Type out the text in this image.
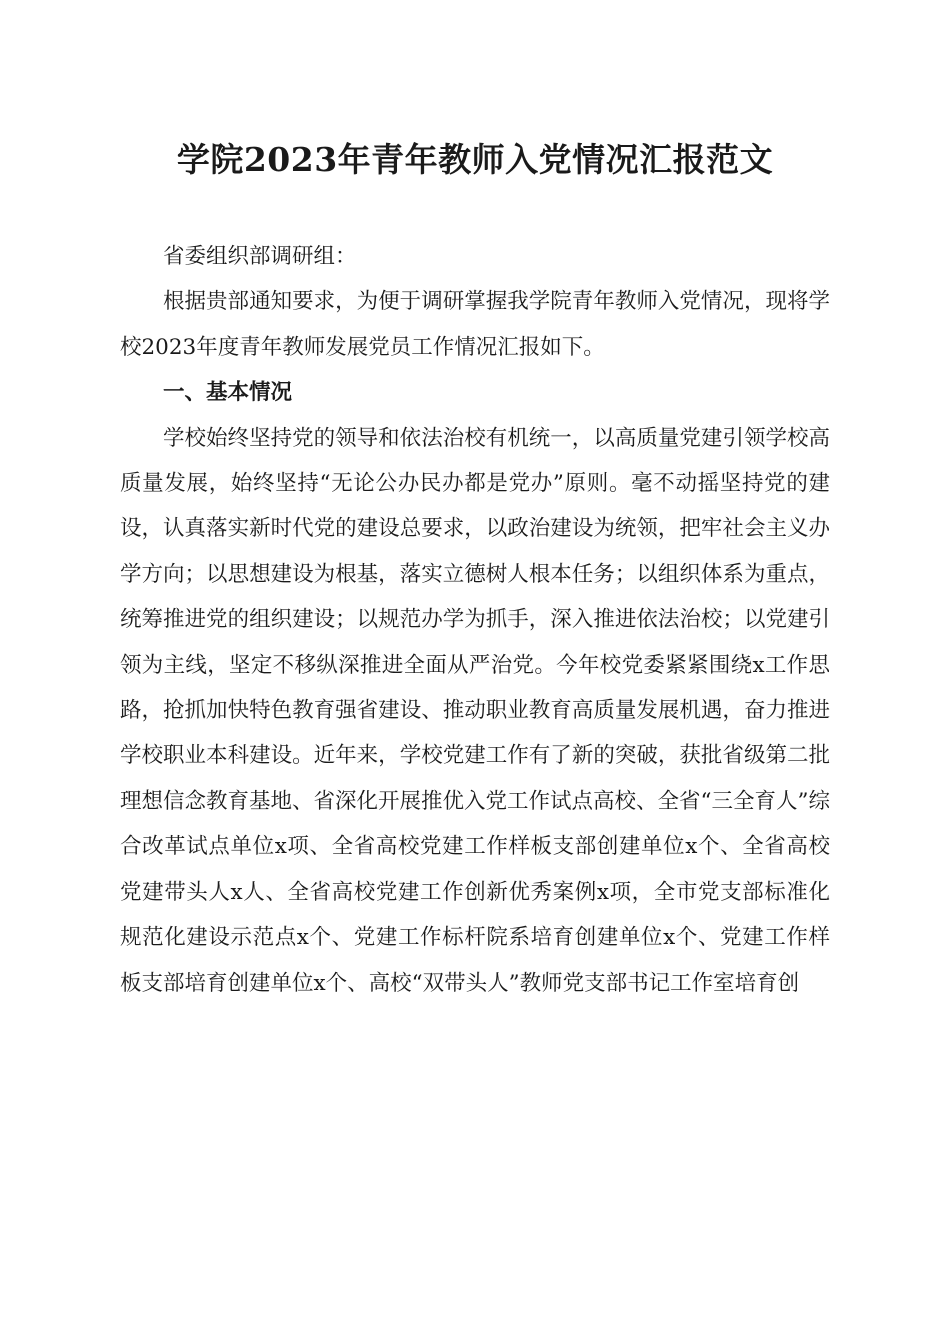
学院2023年青年教师入党情况汇报范文

省委组织部调研组：

根据贵部通知要求，为便于调研掌握我学院青年教师入党情况，现将学校2023年度青年教师发展党员工作情况汇报如下。

一、基本情况

学校始终坚持党的领导和依法治校有机统一，以高质量党建引领学校高质量发展，始终坚持“无论公办民办都是党办”原则。毫不动摇坚持党的建设，认真落实新时代党的建设总要求，以政治建设为统领，把牢社会主义办学方向；以思想建设为根基，落实立德树人根本任务；以组织体系为重点，统筹推进党的组织建设；以规范办学为抓手，深入推进依法治校；以党建引领为主线，坚定不移纵深推进全面从严治党。今年校党委紧紧围绕x工作思路，抢抓加快特色教育强省建设、推动职业教育高质量发展机遇，奋力推进学校职业本科建设。近年来，学校党建工作有了新的突破，获批省级第二批理想信念教育基地、省深化开展推优入党工作试点高校、全省“三全育人”综合改革试点单位x项、全省高校党建工作样板支部创建单位x个、全省高校党建带头人x人、全省高校党建工作创新优秀案例x项，全市党支部标准化规范化建设示范点x个、党建工作标杆院系培育创建单位x个、党建工作样板支部培育创建单位x个、高校“双带头人”教师党支部书记工作室培育创
